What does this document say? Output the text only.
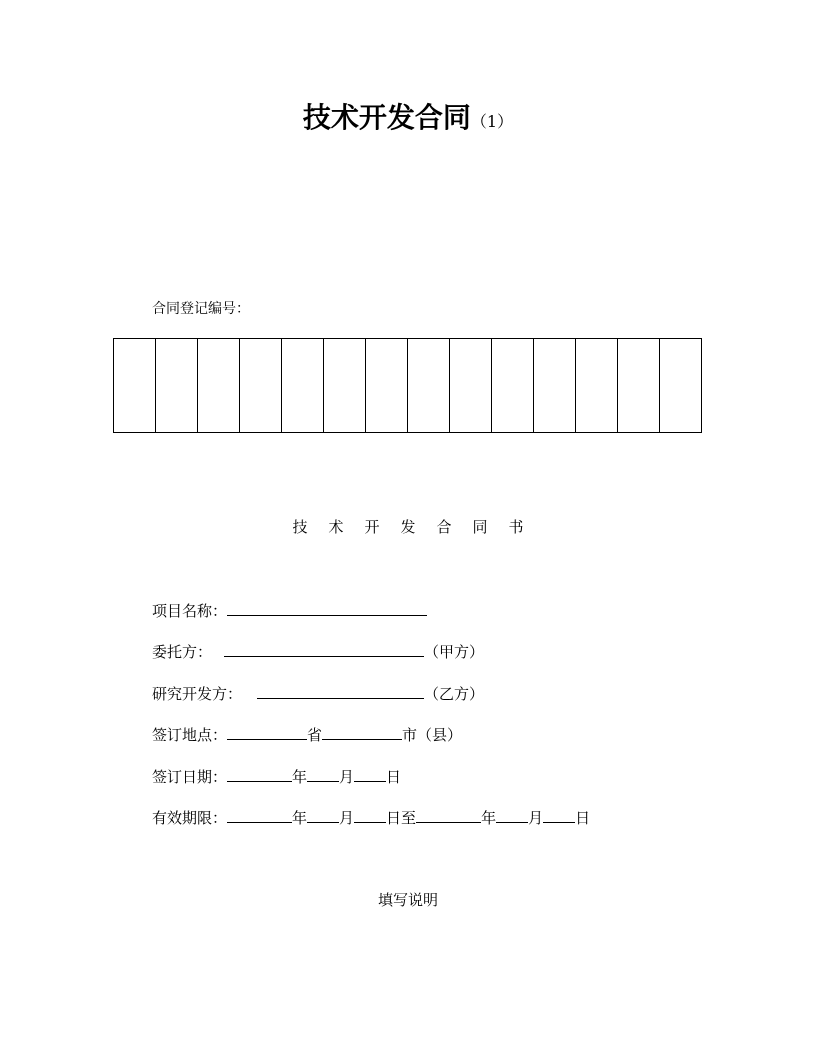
技术开发合同（1）
合同登记编号：

技术开发合同书
项目名称：
委托方：	（甲方）
研究开发方：	（乙方）
签订地点：	省	市（县）
签订日期：	年 月 日
有效期限：	年 月 日至	年 月 日
填写说明
